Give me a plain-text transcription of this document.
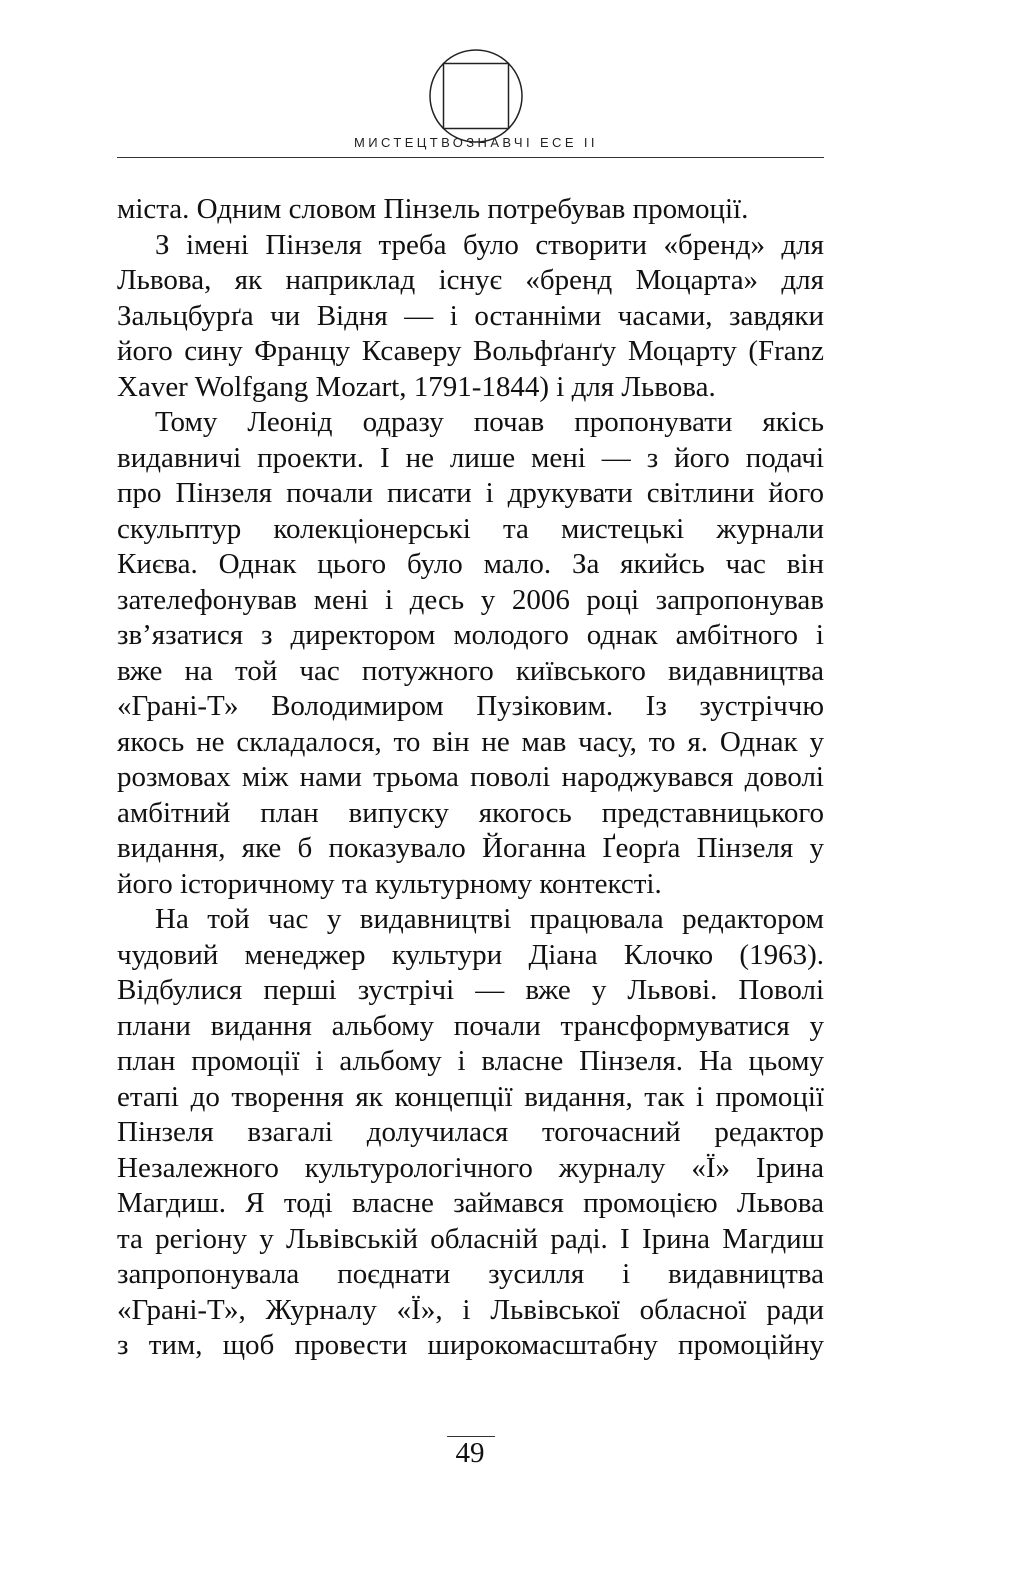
МИСТЕЦТВОЗНАВЧІ ЕСЕ ІІ
міста. Одним словом Пінзель потребував промоції.
З імені Пінзеля треба було створити «бренд» для
Львова, як наприклад існує «бренд Моцарта» для
Зальцбурґа чи Відня — і останніми часами, завдяки
його сину Францу Ксаверу Вольфґанґу Моцарту (Franz
Xaver Wolfgang Mozart, 1791-1844) і для Львова.
Тому Леонід одразу почав пропонувати якісь
видавничі проекти. І не лише мені — з його подачі
про Пінзеля почали писати і друкувати світлини його
скульптур колекціонерські та мистецькі журнали
Києва. Однак цього було мало. За якийсь час він
зателефонував мені і десь у 2006 році запропонував
зв’язатися з директором молодого однак амбітного і
вже на той час потужного київського видавництва
«Грані-Т» Володимиром Пузіковим. Із зустріччю
якось не складалося, то він не мав часу, то я. Однак у
розмовах між нами трьома поволі народжувався доволі
амбітний план випуску якогось представницького
видання, яке б показувало Йоганна Ґеорґа Пінзеля у
його історичному та культурному контексті.
На той час у видавництві працювала редактором
чудовий менеджер культури Діана Клочко (1963).
Відбулися перші зустрічі — вже у Львові. Поволі
плани видання альбому почали трансформуватися у
план промоції і альбому і власне Пінзеля. На цьому
етапі до творення як концепції видання, так і промоції
Пінзеля взагалі долучилася тогочасний редактор
Незалежного культурологічного журналу «Ї» Ірина
Магдиш. Я тоді власне займався промоцією Львова
та регіону у Львівській обласній раді. І Ірина Магдиш
запропонувала поєднати зусилля і видавництва
«Грані-Т», Журналу «Ї», і Львівської обласної ради
з тим, щоб провести широкомасштабну промоційну
49
